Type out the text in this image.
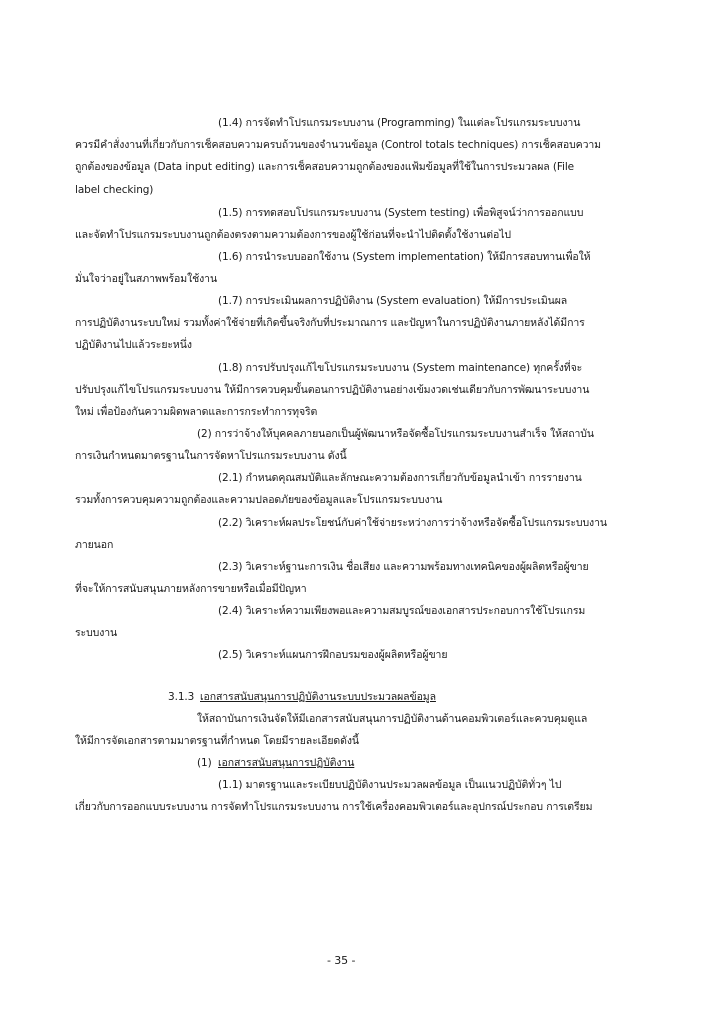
(1.4) การจัดทำโปรแกรมระบบงาน (Programming) ในแต่ละโปรแกรมระบบงาน
ควรมีคำสั่งงานที่เกี่ยวกับการเช็คสอบความครบถ้วนของจำนวนข้อมูล (Control totals techniques) การเช็คสอบความ
ถูกต้องของข้อมูล (Data input editing) และการเช็คสอบความถูกต้องของแฟ้มข้อมูลที่ใช้ในการประมวลผล (File
label checking)
(1.5) การทดสอบโปรแกรมระบบงาน (System testing) เพื่อพิสูจน์ว่าการออกแบบ
และจัดทำโปรแกรมระบบงานถูกต้องตรงตามความต้องการของผู้ใช้ก่อนที่จะนำไปติดตั้งใช้งานต่อไป
(1.6) การนำระบบออกใช้งาน (System implementation) ให้มีการสอบทานเพื่อให้
มั่นใจว่าอยู่ในสภาพพร้อมใช้งาน
(1.7) การประเมินผลการปฏิบัติงาน (System evaluation) ให้มีการประเมินผล
การปฏิบัติงานระบบใหม่ รวมทั้งค่าใช้จ่ายที่เกิดขึ้นจริงกับที่ประมาณการ และปัญหาในการปฏิบัติงานภายหลังได้มีการ
ปฏิบัติงานไปแล้วระยะหนึ่ง
(1.8) การปรับปรุงแก้ไขโปรแกรมระบบงาน (System maintenance) ทุกครั้งที่จะ
ปรับปรุงแก้ไขโปรแกรมระบบงาน ให้มีการควบคุมขั้นตอนการปฏิบัติงานอย่างเข้มงวดเช่นเดียวกับการพัฒนาระบบงาน
ใหม่ เพื่อป้องกันความผิดพลาดและการกระทำการทุจริต
(2) การว่าจ้างให้บุคคลภายนอกเป็นผู้พัฒนาหรือจัดซื้อโปรแกรมระบบงานสำเร็จ ให้สถาบัน
การเงินกำหนดมาตรฐานในการจัดหาโปรแกรมระบบงาน ดังนี้
(2.1) กำหนดคุณสมบัติและลักษณะความต้องการเกี่ยวกับข้อมูลนำเข้า การรายงาน
รวมทั้งการควบคุมความถูกต้องและความปลอดภัยของข้อมูลและโปรแกรมระบบงาน
(2.2) วิเคราะห์ผลประโยชน์กับค่าใช้จ่ายระหว่างการว่าจ้างหรือจัดซื้อโปรแกรมระบบงาน
ภายนอก
(2.3) วิเคราะห์ฐานะการเงิน ชื่อเสียง และความพร้อมทางเทคนิคของผู้ผลิตหรือผู้ขาย
ที่จะให้การสนับสนุนภายหลังการขายหรือเมื่อมีปัญหา
(2.4) วิเคราะห์ความเพียงพอและความสมบูรณ์ของเอกสารประกอบการใช้โปรแกรม
ระบบงาน
(2.5) วิเคราะห์แผนการฝึกอบรมของผู้ผลิตหรือผู้ขาย
3.1.3 เอกสารสนับสนุนการปฏิบัติงานระบบประมวลผลข้อมูล
ให้สถาบันการเงินจัดให้มีเอกสารสนับสนุนการปฏิบัติงานด้านคอมพิวเตอร์และควบคุมดูแล
ให้มีการจัดเอกสารตามมาตรฐานที่กำหนด โดยมีรายละเอียดดังนี้
(1) เอกสารสนับสนุนการปฏิบัติงาน
(1.1) มาตรฐานและระเบียบปฏิบัติงานประมวลผลข้อมูล เป็นแนวปฏิบัติทั่วๆ ไป
เกี่ยวกับการออกแบบระบบงาน การจัดทำโปรแกรมระบบงาน การใช้เครื่องคอมพิวเตอร์และอุปกรณ์ประกอบ การเตรียม
- 35 -
